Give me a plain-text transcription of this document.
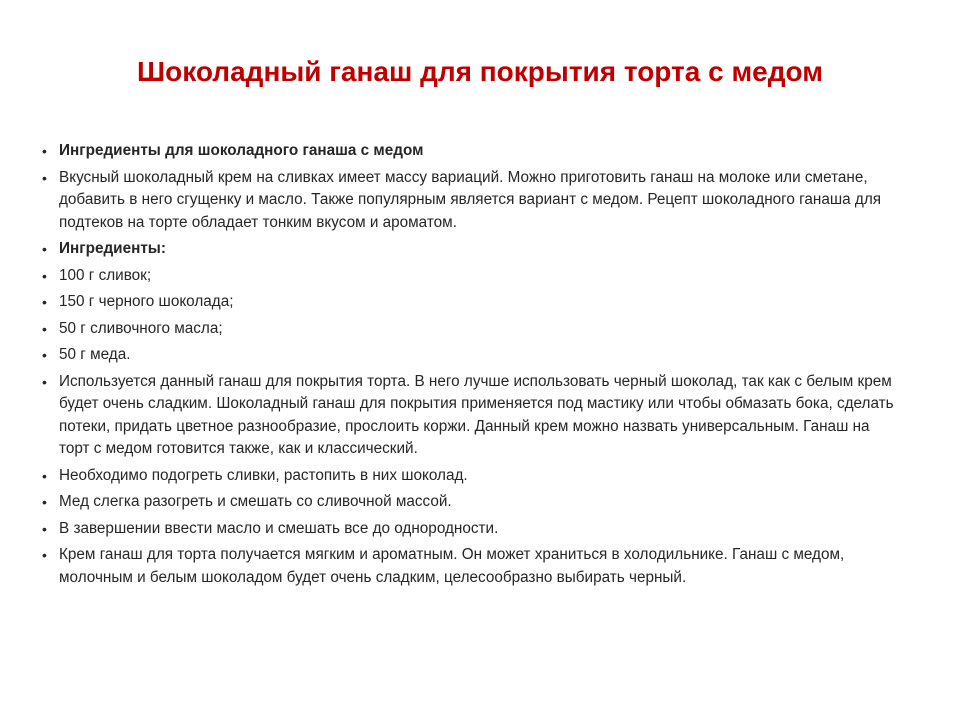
Шоколадный ганаш для покрытия торта с медом
• Ингредиенты для шоколадного ганаша с медом
• Вкусный шоколадный крем на сливках имеет массу вариаций. Можно приготовить ганаш на молоке или сметане, добавить в него сгущенку и масло. Также популярным является вариант с медом. Рецепт шоколадного ганаша для подтеков на торте обладает тонким вкусом и ароматом.
• Ингредиенты:
• 100 г сливок;
• 150 г черного шоколада;
• 50 г сливочного масла;
• 50 г меда.
• Используется данный ганаш для покрытия торта. В него лучше использовать черный шоколад, так как с белым крем будет очень сладким. Шоколадный ганаш для покрытия применяется под мастику или чтобы обмазать бока, сделать потеки, придать цветное разнообразие, прослоить коржи. Данный крем можно назвать универсальным. Ганаш на торт с медом готовится также, как и классический.
• Необходимо подогреть сливки, растопить в них шоколад.
• Мед слегка разогреть и смешать со сливочной массой.
• В завершении ввести масло и смешать все до однородности.
• Крем ганаш для торта получается мягким и ароматным. Он может храниться в холодильнике. Ганаш с медом, молочным и белым шоколадом будет очень сладким, целесообразно выбирать черный.
